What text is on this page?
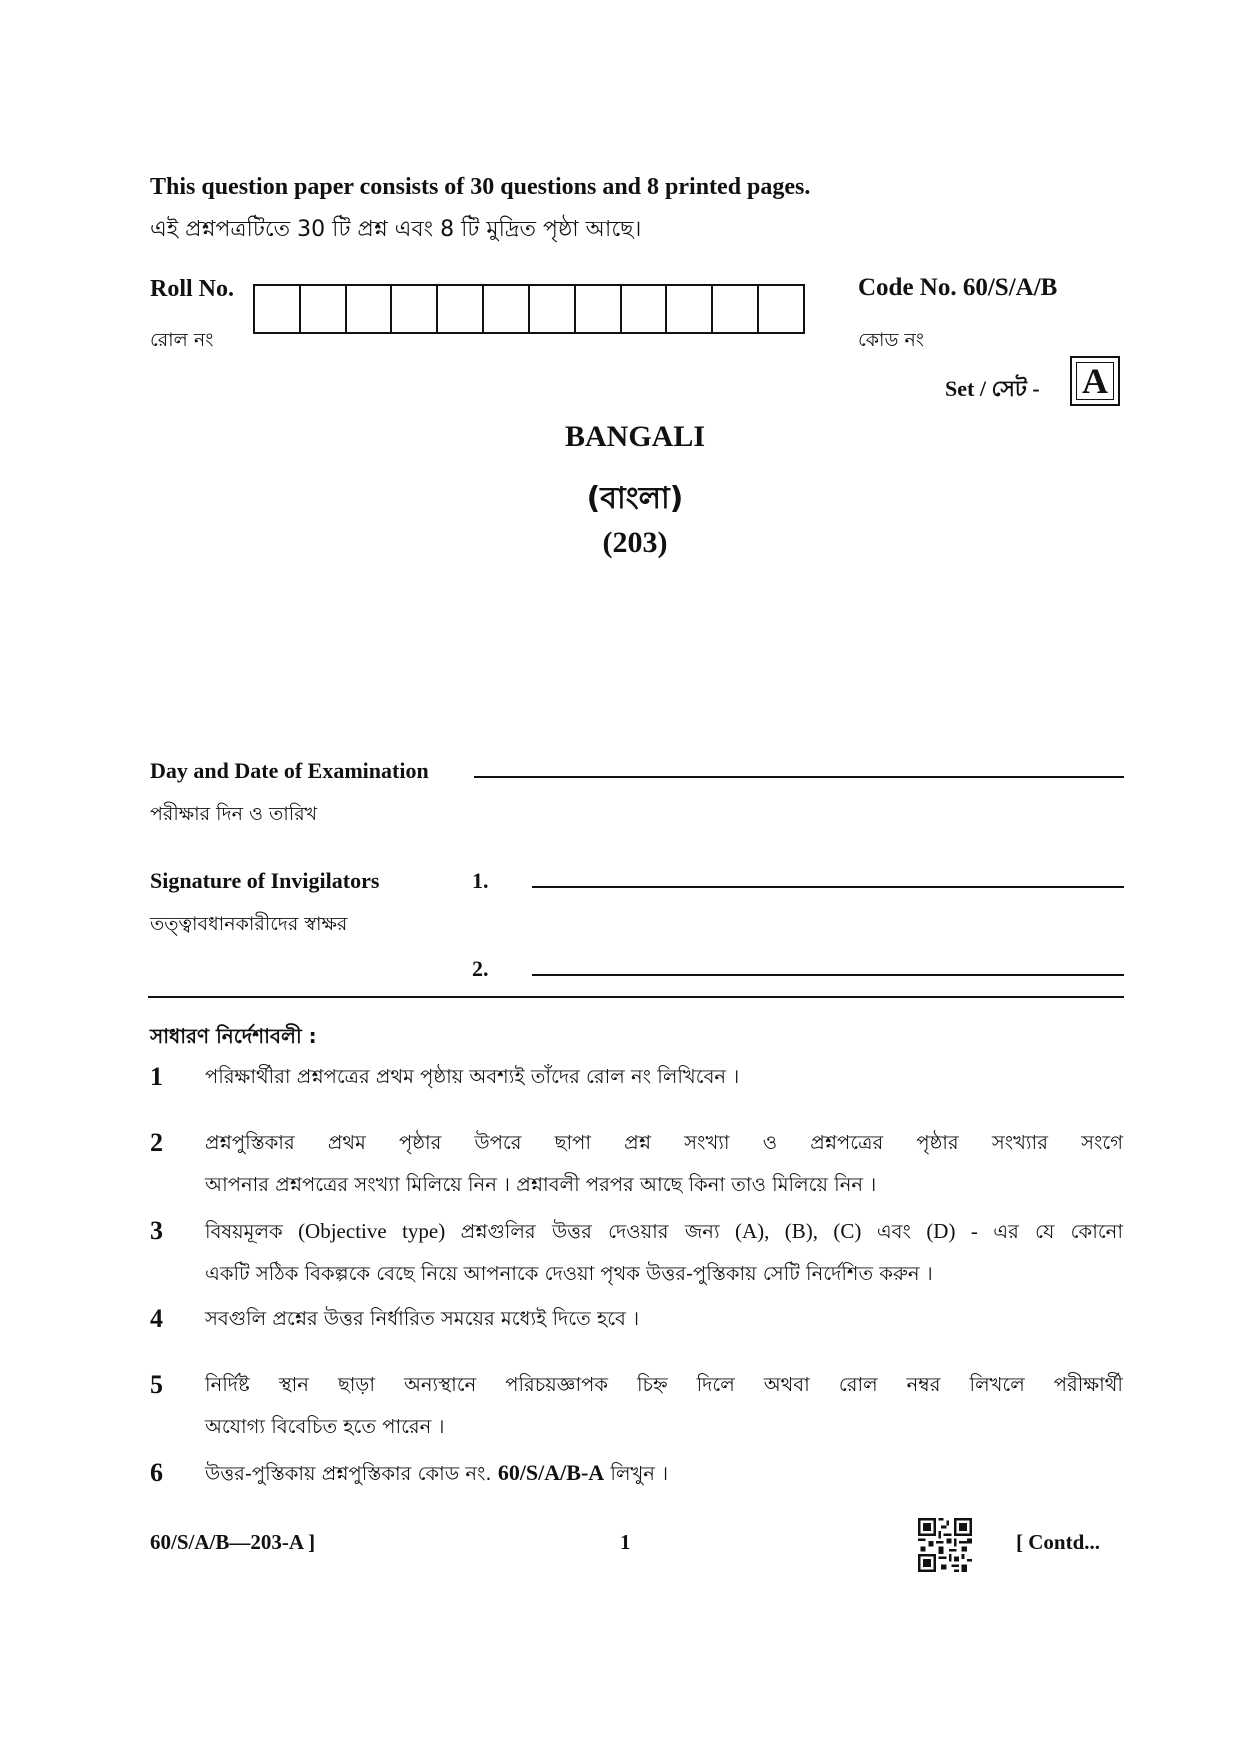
This question paper consists of 30 questions and 8 printed pages.
এই প্রশ্নপত্রটিতে 30 টি প্রশ্ন এবং 8 টি মুদ্রিত পৃষ্ঠা আছে।
Roll No.
রোল নং
Code No. 60/S/A/B
কোড নং
Set / সেট -	A
BANGALI
(বাংলা)
(203)
Day and Date of Examination
পরীক্ষার দিন ও তারিখ
Signature of Invigilators
তত্ত্বাবধানকারীদের স্বাক্ষর
1.
2.
সাধারণ নির্দেশাবলী :
1 পরিক্ষার্থীরা প্রশ্নপত্রের প্রথম পৃষ্ঠায় অবশ্যই তাঁদের রোল নং লিখিবেন ।
2 প্রশ্নপুস্তিকার প্রথম পৃষ্ঠার উপরে ছাপা প্রশ্ন সংখ্যা ও প্রশ্নপত্রের পৃষ্ঠার সংখ্যার সংগে
আপনার প্রশ্নপত্রের সংখ্যা মিলিয়ে নিন । প্রশ্নাবলী পরপর আছে কিনা তাও মিলিয়ে নিন ।
3 বিষয়মূলক (Objective type) প্রশ্নগুলির উত্তর দেওয়ার জন্য (A), (B), (C) এবং (D) - এর যে কোনো
একটি সঠিক বিকল্পকে বেছে নিয়ে আপনাকে দেওয়া পৃথক উত্তর-পুস্তিকায় সেটি নির্দেশিত করুন ।
4 সবগুলি প্রশ্নের উত্তর নির্ধারিত সময়ের মধ্যেই দিতে হবে ।
5 নির্দিষ্ট স্থান ছাড়া অন্যস্থানে পরিচয়জ্ঞাপক চিহ্ন দিলে অথবা রোল নম্বর লিখলে পরীক্ষার্থী
অযোগ্য বিবেচিত হতে পারেন ।
6 উত্তর-পুস্তিকায় প্রশ্নপুস্তিকার কোড নং. 60/S/A/B-A লিখুন ।
60/S/A/B—203-A ]	1	[ Contd...
